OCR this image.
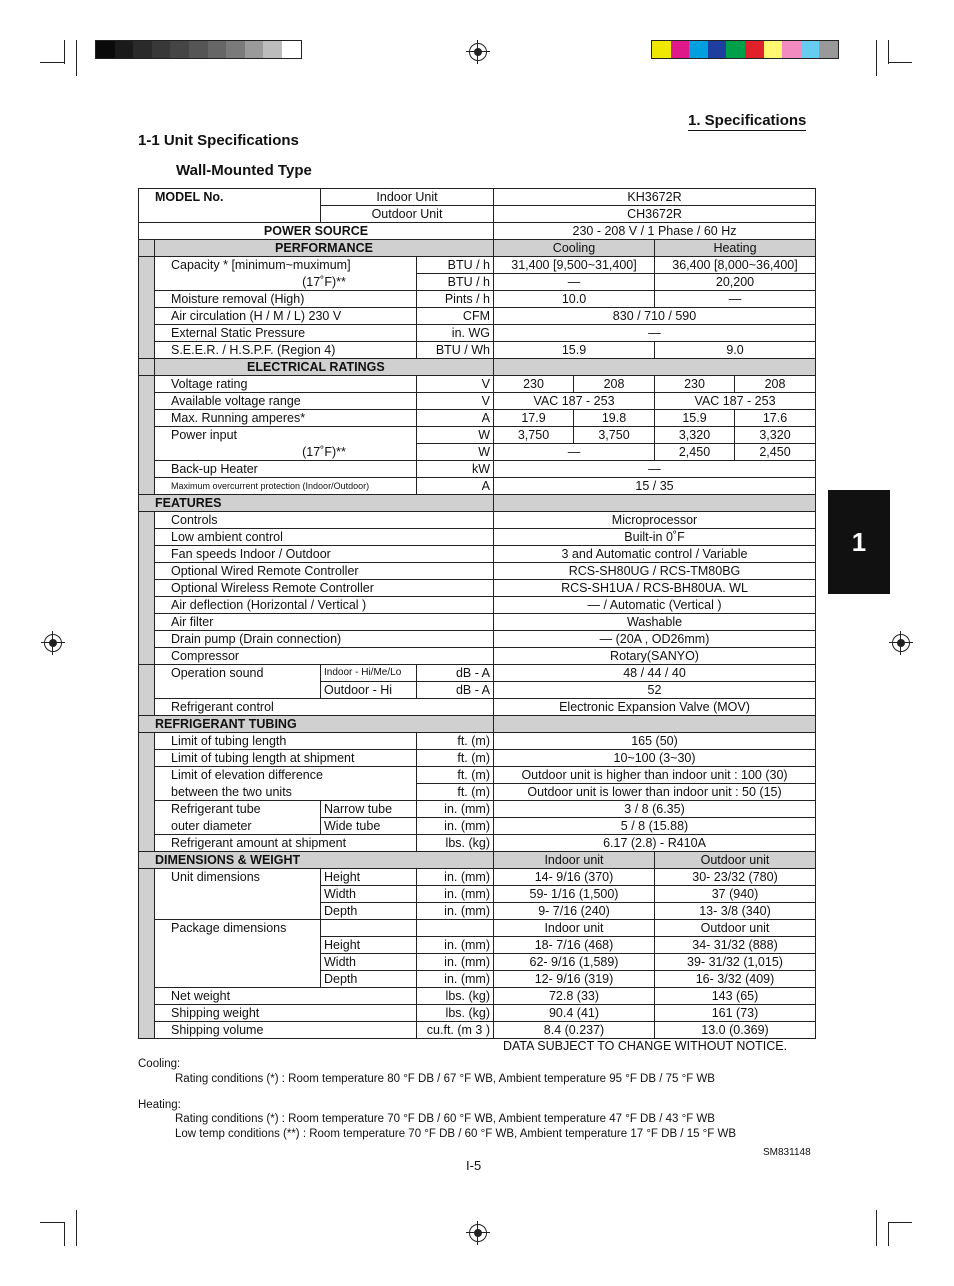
1. Specifications
1-1 Unit Specifications
Wall-Mounted Type
1
MODEL No.		Indoor Unit		KH3672R			
		Outdoor Unit		CH3672R			
POWER SOURCE				230 - 208 V / 1 Phase / 60 Hz			
	PERFORMANCE			Cooling		Heating	
	Capacity * [minimum~muximum]		BTU / h	31,400 [9,500~31,400]		36,400 [8,000~36,400]	
	(17˚F)**		BTU / h	—		20,200	
	Moisture removal (High)		Pints / h	10.0		—	
	Air circulation (H / M / L) 230 V		CFM	830 / 710 / 590			
	External Static Pressure		in. WG	—			
	S.E.E.R. / H.S.P.F. (Region 4)		BTU / Wh	15.9		9.0	
	ELECTRICAL RATINGS						
	Voltage rating		V	230	208	230	208
	Available voltage range		V	VAC 187 - 253		VAC 187 - 253	
	Max. Running amperes*		A	17.9	19.8	15.9	17.6
	Power input		W	3,750	3,750	3,320	3,320
	(17˚F)**		W	—		2,450	2,450
	Back-up Heater		kW	—			
	Maximum overcurrent protection (Indoor/Outdoor)		A	15 / 35			
FEATURES							
	Controls			Microprocessor			
	Low ambient control			Built-in 0˚F			
	Fan speeds Indoor / Outdoor			3 and Automatic control / Variable			
	Optional Wired Remote Controller			RCS-SH80UG / RCS-TM80BG			
	Optional Wireless Remote Controller			RCS-SH1UA / RCS-BH80UA. WL			
	Air deflection (Horizontal / Vertical )			— / Automatic (Vertical )			
	Air filter			Washable			
	Drain pump (Drain connection)			— (20A , OD26mm)			
	Compressor			Rotary(SANYO)			
	Operation sound	Indoor - Hi/Me/Lo	dB - A	48 / 44 / 40			
		Outdoor - Hi	dB - A	52			
	Refrigerant control			Electronic Expansion Valve (MOV)			
REFRIGERANT TUBING							
	Limit of tubing length		ft. (m)	165 (50)			
	Limit of tubing length at shipment		ft. (m)	10~100 (3~30)			
	Limit of elevation difference		ft. (m)	Outdoor unit is higher than indoor unit : 100 (30)			
	between the two units		ft. (m)	Outdoor unit is lower than indoor unit : 50 (15)			
	Refrigerant tube	Narrow tube	in. (mm)	3 / 8 (6.35)			
	outer diameter	Wide tube	in. (mm)	5 / 8 (15.88)			
	Refrigerant amount at shipment		lbs. (kg)	6.17 (2.8) - R410A			
DIMENSIONS & WEIGHT				Indoor unit		Outdoor unit	
	Unit dimensions	Height	in. (mm)	14- 9/16 (370)		30- 23/32 (780)	
		Width	in. (mm)	59- 1/16 (1,500)		37 (940)	
		Depth	in. (mm)	9- 7/16 (240)		13- 3/8 (340)	
	Package dimensions			Indoor unit		Outdoor unit	
		Height	in. (mm)	18- 7/16 (468)		34- 31/32 (888)	
		Width	in. (mm)	62- 9/16 (1,589)		39- 31/32 (1,015)	
		Depth	in. (mm)	12- 9/16 (319)		16- 3/32 (409)	
	Net weight		lbs. (kg)	72.8 (33)		143 (65)	
	Shipping weight		lbs. (kg)	90.4 (41)		161 (73)	
	Shipping volume		cu.ft. (m 3 )	8.4 (0.237)		13.0 (0.369)	
DATA SUBJECT TO CHANGE WITHOUT NOTICE.
Cooling:
Rating conditions (*) : Room temperature 80 °F DB / 67 °F WB, Ambient temperature 95 °F DB / 75 °F WB
Heating:
Rating conditions (*) : Room temperature 70 °F DB / 60 °F WB, Ambient temperature 47 °F DB / 43 °F WB
Low temp conditions (**) : Room temperature 70 °F DB / 60 °F WB, Ambient temperature 17 °F DB / 15 °F WB
SM831148
I-5
